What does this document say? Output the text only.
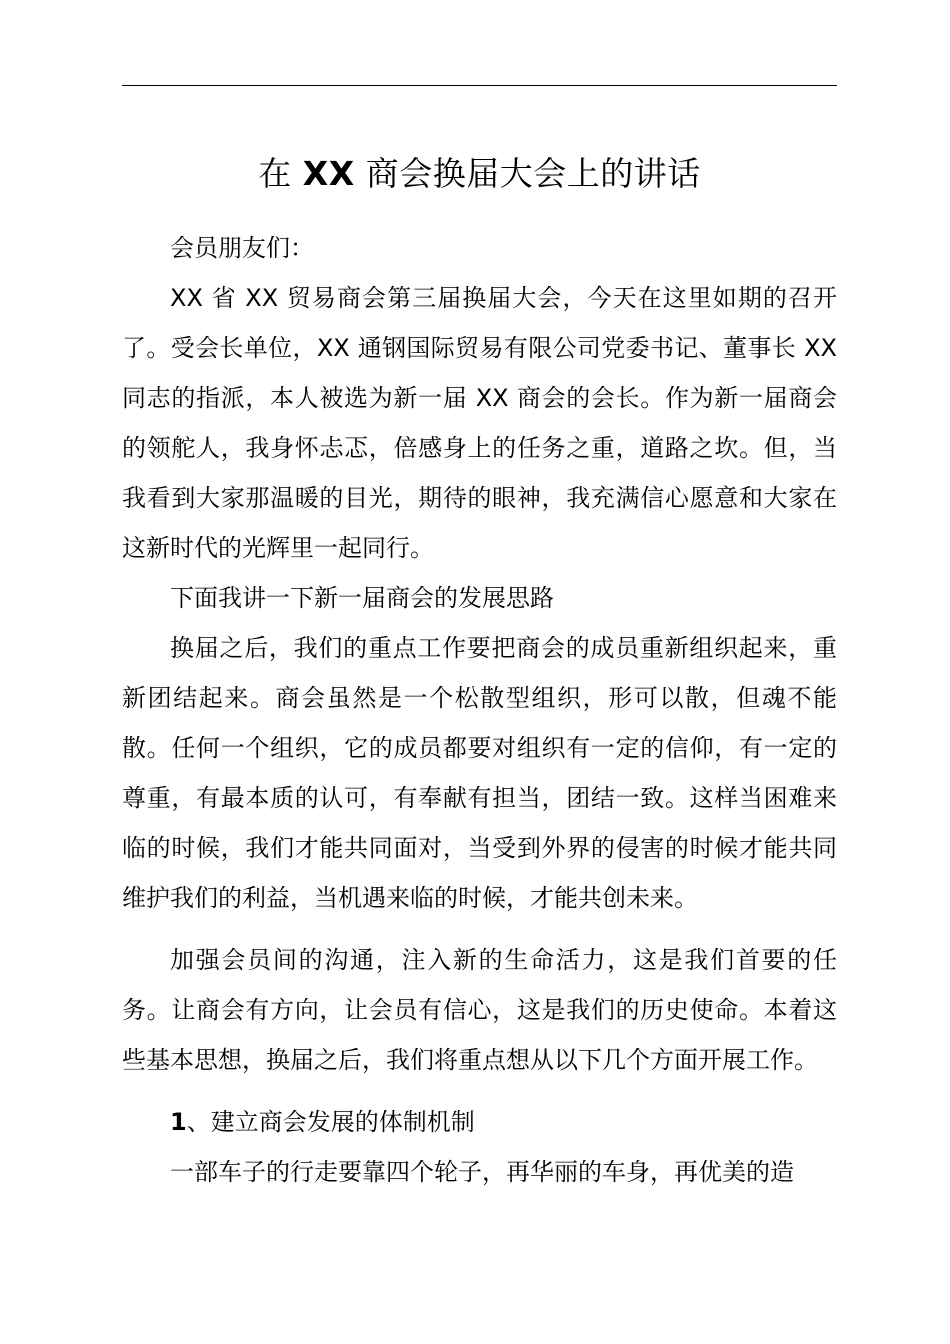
在 XX 商会换届大会上的讲话

会员朋友们：

XX 省 XX 贸易商会第三届换届大会，今天在这里如期的召开了。受会长单位，XX 通钢国际贸易有限公司党委书记、董事长 XX 同志的指派，本人被选为新一届 XX 商会的会长。作为新一届商会的领舵人，我身怀忐忑，倍感身上的任务之重，道路之坎。但，当我看到大家那温暖的目光，期待的眼神，我充满信心愿意和大家在这新时代的光辉里一起同行。

下面我讲一下新一届商会的发展思路

换届之后，我们的重点工作要把商会的成员重新组织起来，重新团结起来。商会虽然是一个松散型组织，形可以散，但魂不能散。任何一个组织，它的成员都要对组织有一定的信仰，有一定的尊重，有最本质的认可，有奉献有担当，团结一致。这样当困难来临的时候，我们才能共同面对，当受到外界的侵害的时候才能共同维护我们的利益，当机遇来临的时候，才能共创未来。

加强会员间的沟通，注入新的生命活力，这是我们首要的任务。让商会有方向，让会员有信心，这是我们的历史使命。本着这些基本思想，换届之后，我们将重点想从以下几个方面开展工作。

1、建立商会发展的体制机制

一部车子的行走要靠四个轮子，再华丽的车身，再优美的造
